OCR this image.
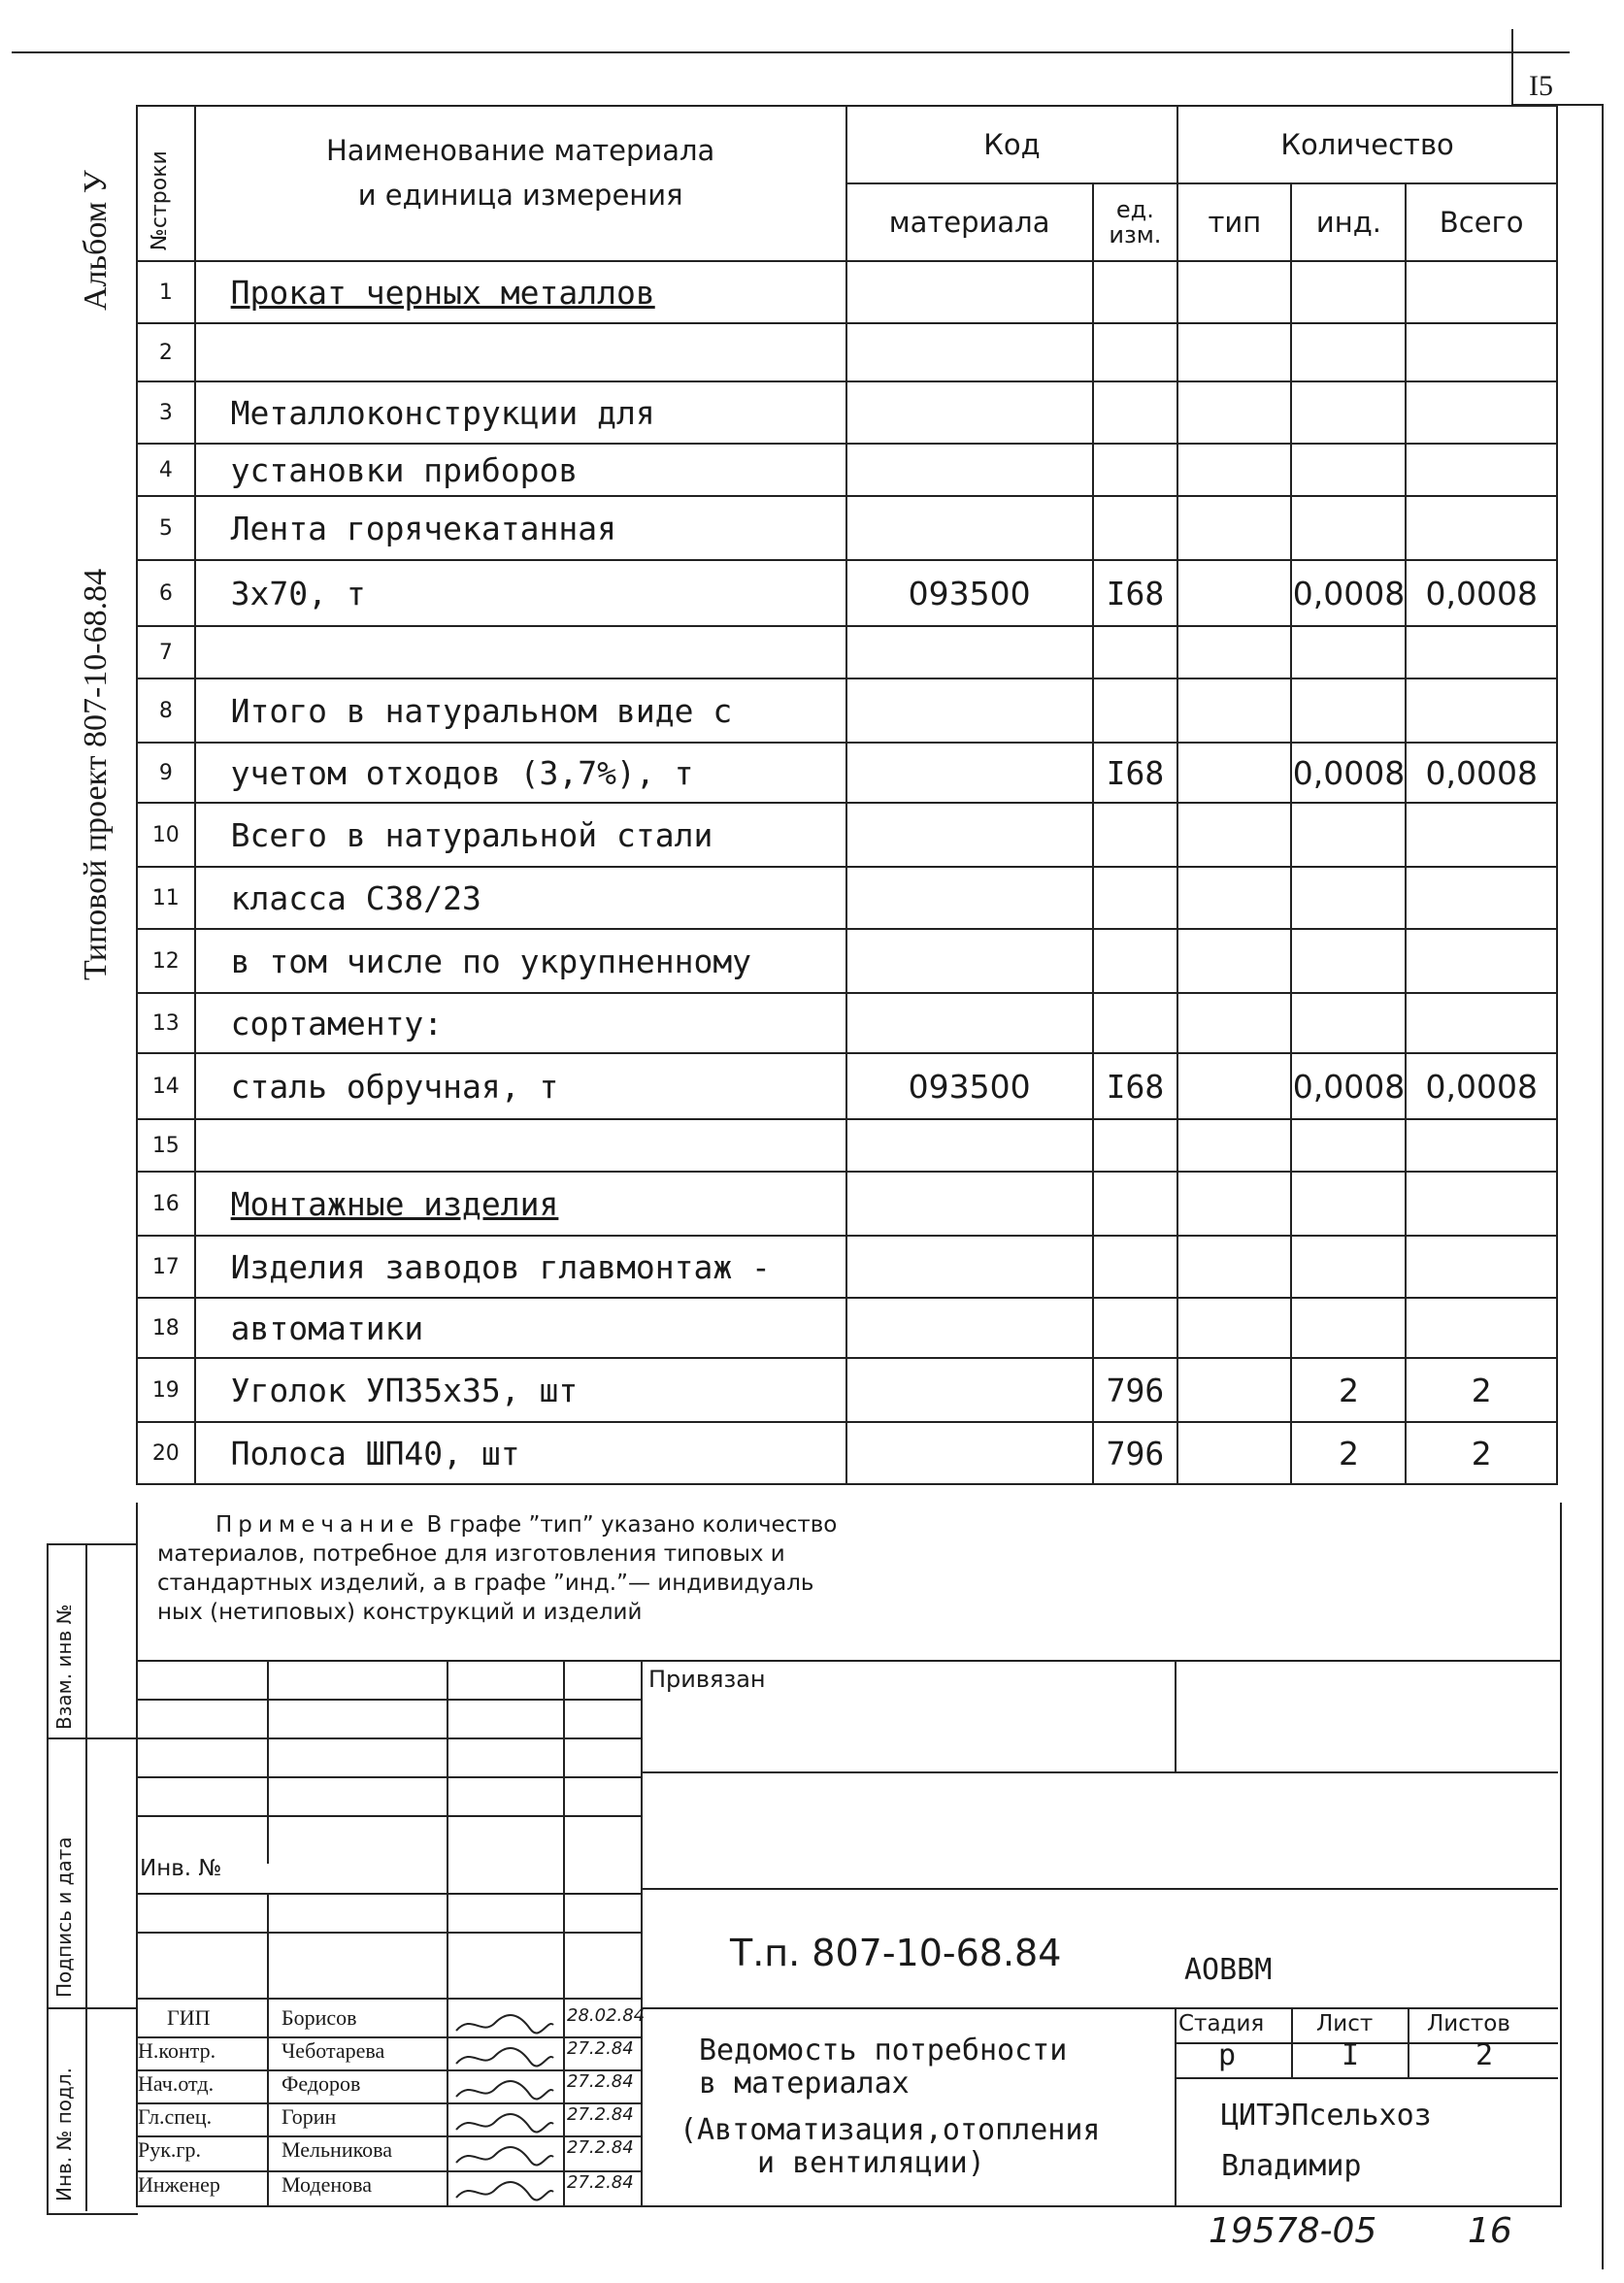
I5
Альбом У
Типовой проект 807-10-68.84
Взам. инв №
Подпись и дата
Инв. № подл.
№строки	Наименование материала
и единица измерения	Код		Количество		
		материала	ед. изм.	тип	инд.	Всего
1	Прокат черных металлов					
2						
3	Металлоконструкции для					
4	установки приборов					
5	Лента горячекатанная					
6	3x70, т	093500	I68		0,0008	0,0008
7						
8	Итого в натуральном виде с					
9	учетом отходов (3,7%), т		I68		0,0008	0,0008
10	Всего в натуральной стали					
11	класса С38/23					
12	в том числе по укрупненному					
13	сортаменту:					
14	сталь обручная, т	093500	I68		0,0008	0,0008
15						
16	Монтажные изделия					
17	Изделия заводов главмонтаж -					
18	автоматики					
19	Уголок УП35x35, шт		796		2	2
20	Полоса ШП40, шт		796		2	2
Примечание В графе ”тип” указано количество
материалов, потребное для изготовления типовых и
стандартных изделий, а в графе ”инд.”— индивидуаль
ных (нетиповых) конструкций и изделий
Привязан
Инв. №
Т.п. 807-10-68.84	АОВВМ
Стадия Лист Листов
р	I	2
Ведомость потребности
в материалах
(Автоматизация,отопления
и вентиляции)
ЦИТЭПсельхоз
Владимир
ГИП	Борисов	28.02.84
Н.контр.	Чеботарева	27.2.84
Нач.отд.	Федоров	27.2.84
Гл.спец.	Горин	27.2.84
Рук.гр.	Мельникова	27.2.84
Инженер	Моденова	27.2.84
19578-05	16
